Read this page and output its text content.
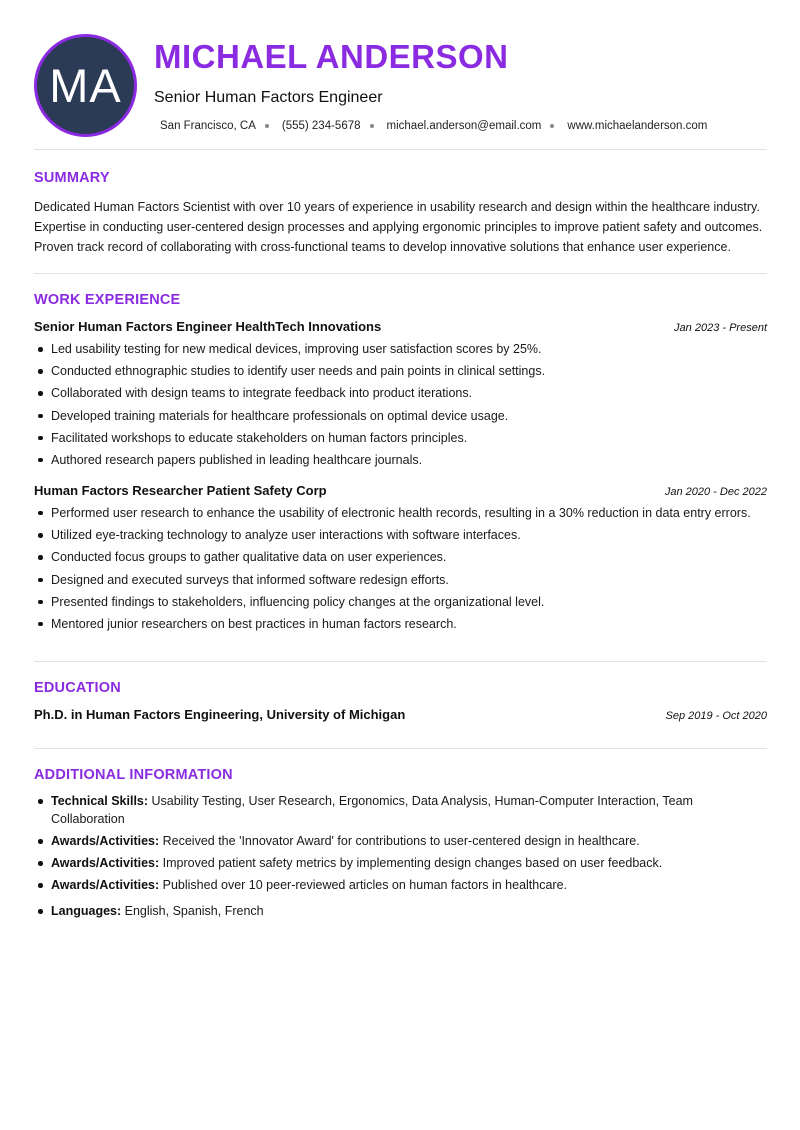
MA
MICHAEL ANDERSON
Senior Human Factors Engineer
San Francisco, CA (555) 234-5678 michael.anderson@email.com www.michaelanderson.com
SUMMARY

Dedicated Human Factors Scientist with over 10 years of experience in usability research and design within the healthcare industry. Expertise in conducting user-centered design processes and applying ergonomic principles to improve patient safety and outcomes. Proven track record of collaborating with cross-functional teams to develop innovative solutions that enhance user experience.

WORK EXPERIENCE
Senior Human Factors Engineer HealthTech Innovations	Jan 2023 - Present
Led usability testing for new medical devices, improving user satisfaction scores by 25%.
Conducted ethnographic studies to identify user needs and pain points in clinical settings.
Collaborated with design teams to integrate feedback into product iterations.
Developed training materials for healthcare professionals on optimal device usage.
Facilitated workshops to educate stakeholders on human factors principles.
Authored research papers published in leading healthcare journals.
Human Factors Researcher Patient Safety Corp	Jan 2020 - Dec 2022
Performed user research to enhance the usability of electronic health records, resulting in a 30% reduction in data entry errors.
Utilized eye-tracking technology to analyze user interactions with software interfaces.
Conducted focus groups to gather qualitative data on user experiences.
Designed and executed surveys that informed software redesign efforts.
Presented findings to stakeholders, influencing policy changes at the organizational level.
Mentored junior researchers on best practices in human factors research.
EDUCATION
Ph.D. in Human Factors Engineering, University of Michigan	Sep 2019 - Oct 2020
ADDITIONAL INFORMATION
Technical Skills: Usability Testing, User Research, Ergonomics, Data Analysis, Human-Computer Interaction, Team Collaboration
Awards/Activities: Received the 'Innovator Award' for contributions to user-centered design in healthcare.
Awards/Activities: Improved patient safety metrics by implementing design changes based on user feedback.
Awards/Activities: Published over 10 peer-reviewed articles on human factors in healthcare.
Languages: English, Spanish, French
